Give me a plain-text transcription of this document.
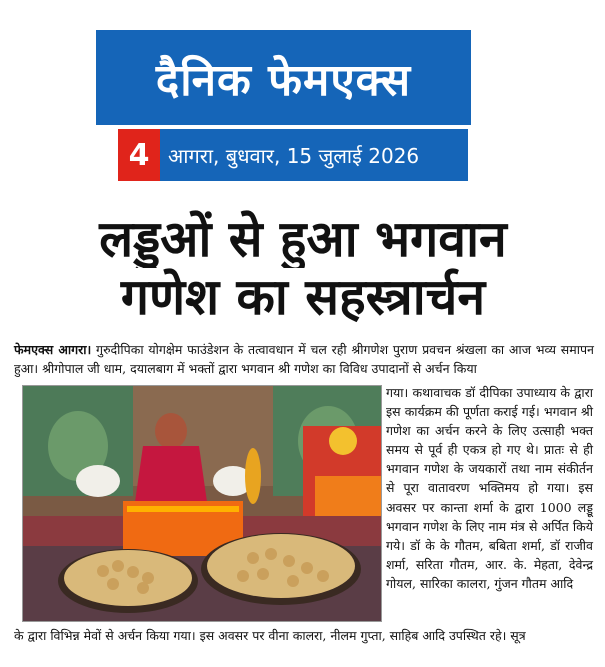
दैनिक फेमएक्स
4 आगरा, बुधवार, 15 जुलाई 2026
लड्डुओं से हुआ भगवान
गणेश का सहस्त्रार्चन
फेमएक्स आगरा। गुरुदीपिका योगक्षेम फाउंडेशन के तत्वावधान में चल रही श्रीगणेश पुराण प्रवचन श्रंखला का आज भव्य समापन हुआ। श्रीगोपाल जी धाम, दयालबाग में भक्तों द्वारा भगवान श्री गणेश का विविध उपादानों से अर्चन किया
गया। कथावाचक डॉ दीपिका उपाध्याय के द्वारा इस कार्यक्रम की पूर्णता कराई गई। भगवान श्री गणेश का अर्चन करने के लिए उत्साही भक्त समय से पूर्व ही एकत्र हो गए थे। प्रातः से ही भगवान गणेश के जयकारों तथा नाम संकीर्तन से पूरा वातावरण भक्तिमय हो गया। इस अवसर पर कान्ता शर्मा के द्वारा 1000 लड्डू भगवान गणेश के लिए नाम मंत्र से अर्पित किये गये। डॉ के के गौतम, बबिता शर्मा, डॉ राजीव शर्मा, सरिता गौतम, आर. के. मेहता, देवेन्द्र गोयल, सारिका कालरा, गुंजन गौतम आदि
के द्वारा विभिन्न मेवों से अर्चन किया गया। इस अवसर पर वीना कालरा, नीलम गुप्ता, साहिब आदि उपस्थित रहे। सूत्र
